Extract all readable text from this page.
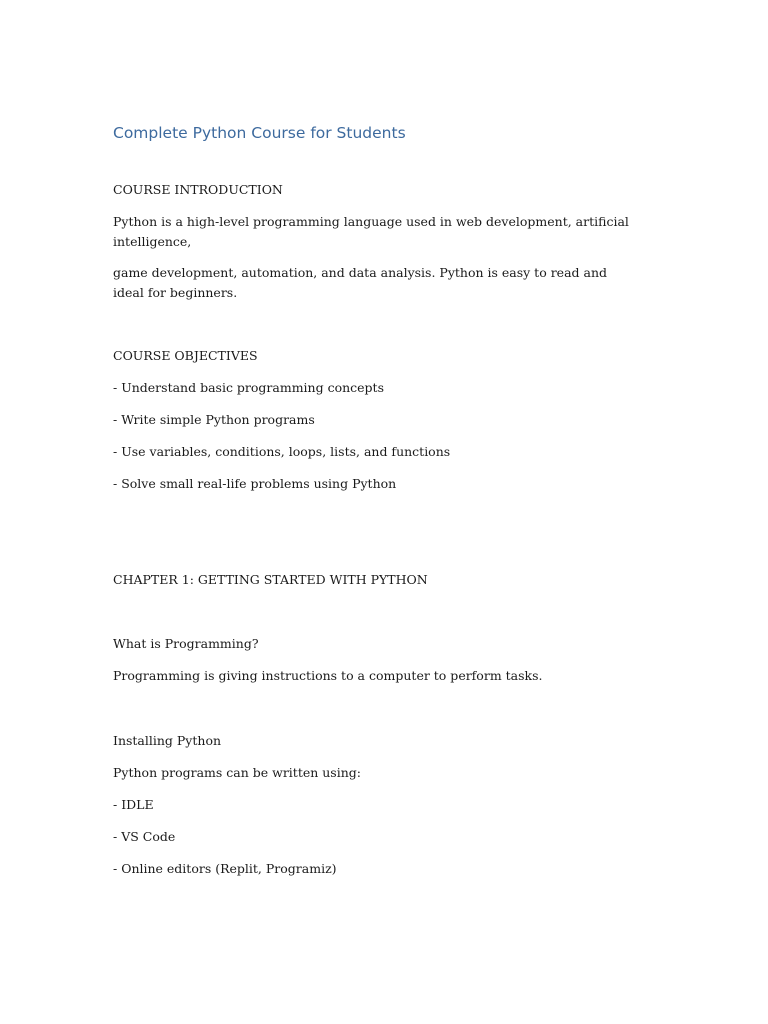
Complete Python Course for Students
COURSE INTRODUCTION
Python is a high-level programming language used in web development, artificial intelligence,
game development, automation, and data analysis. Python is easy to read and ideal for beginners.
COURSE OBJECTIVES
- Understand basic programming concepts
- Write simple Python programs
- Use variables, conditions, loops, lists, and functions
- Solve small real-life problems using Python
CHAPTER 1: GETTING STARTED WITH PYTHON
What is Programming?
Programming is giving instructions to a computer to perform tasks.
Installing Python
Python programs can be written using:
- IDLE
- VS Code
- Online editors (Replit, Programiz)
